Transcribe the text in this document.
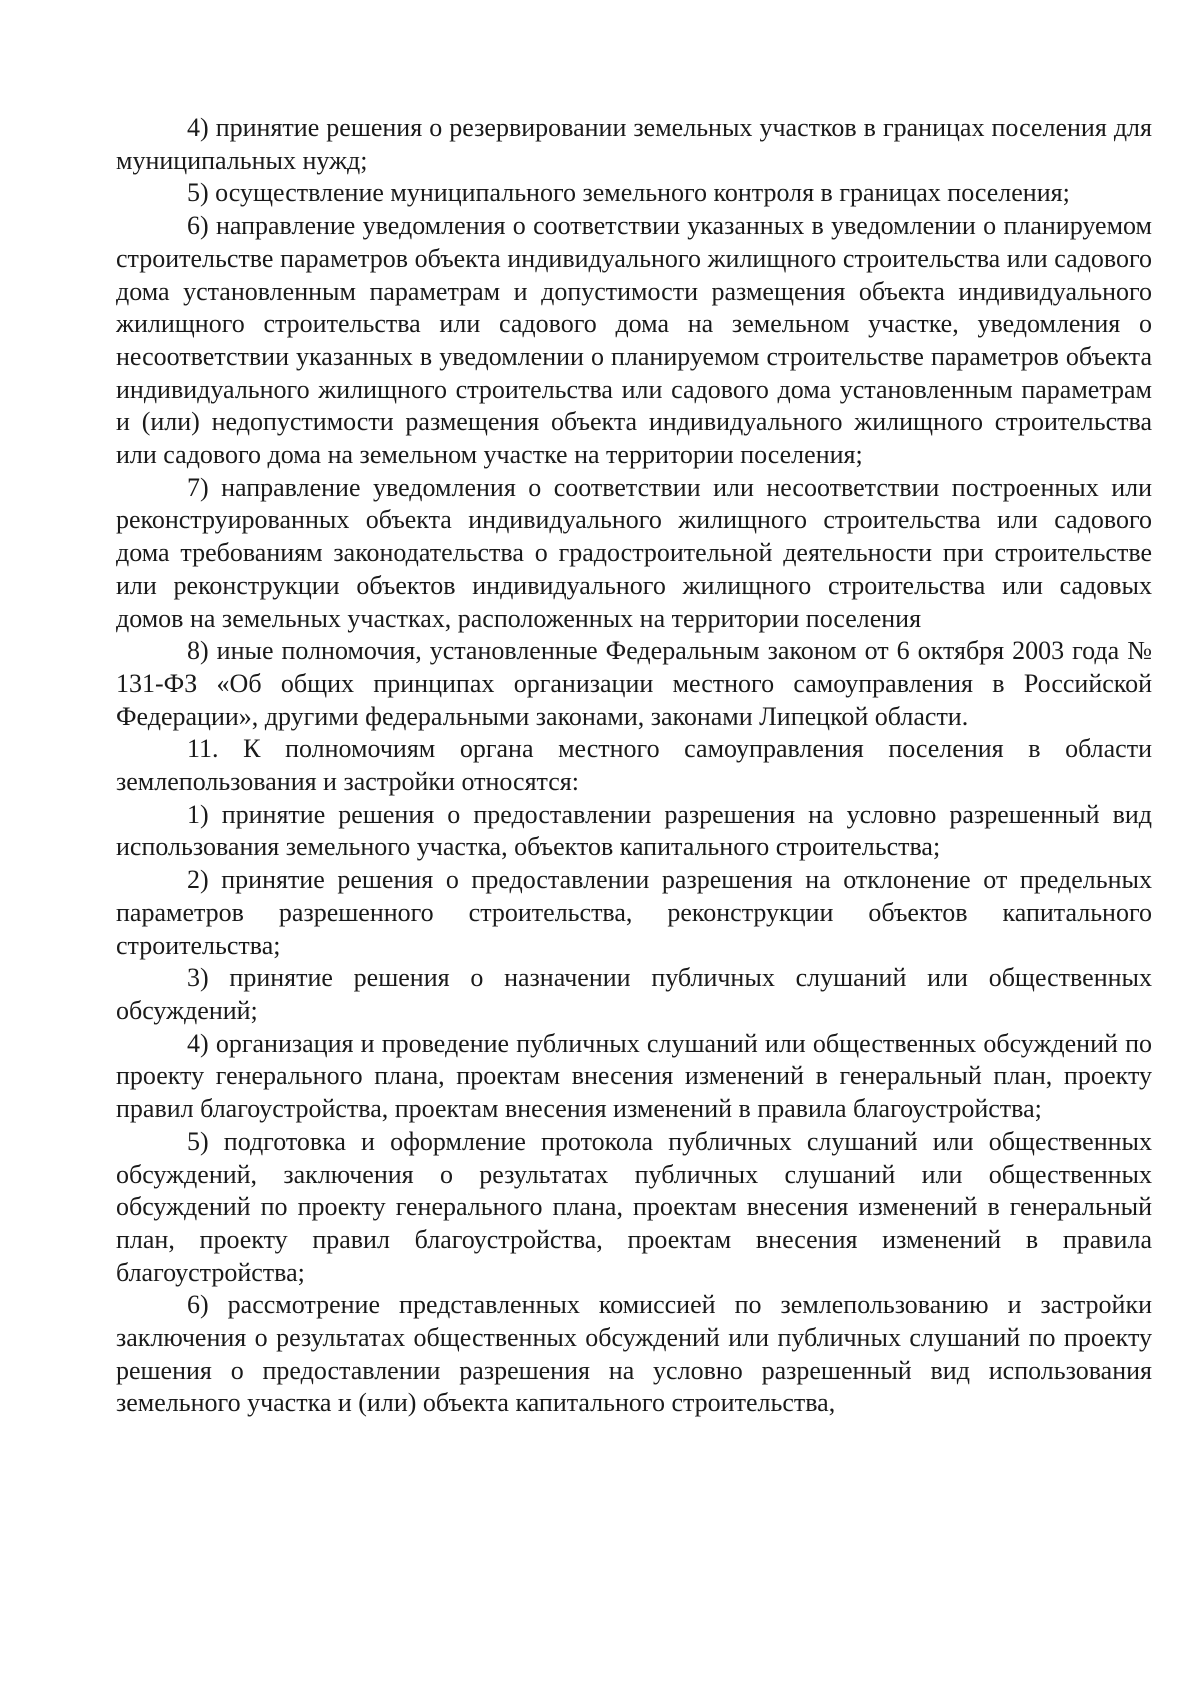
4) принятие решения о резервировании земельных участков в границах поселения для муниципальных нужд;

5) осуществление муниципального земельного контроля в границах поселения;

6) направление уведомления о соответствии указанных в уведомлении о планируемом строительстве параметров объекта индивидуального жилищного строительства или садового дома установленным параметрам и допустимости размещения объекта индивидуального жилищного строительства или садового дома на земельном участке, уведомления о несоответствии указанных в уведомлении о планируемом строительстве параметров объекта индивидуального жилищного строительства или садового дома установленным параметрам и (или) недопустимости размещения объекта индивидуального жилищного строительства или садового дома на земельном участке на территории поселения;

7) направление уведомления о соответствии или несоответствии построенных или реконструированных объекта индивидуального жилищного строительства или садового дома требованиям законодательства о градостроительной деятельности при строительстве или реконструкции объектов индивидуального жилищного строительства или садовых домов на земельных участках, расположенных на территории поселения

8) иные полномочия, установленные Федеральным законом от 6 октября 2003 года № 131-ФЗ «Об общих принципах организации местного самоуправления в Российской Федерации», другими федеральными законами, законами Липецкой области.

11. К полномочиям органа местного самоуправления поселения в области землепользования и застройки относятся:

1) принятие решения о предоставлении разрешения на условно разрешенный вид использования земельного участка, объектов капитального строительства;

2) принятие решения о предоставлении разрешения на отклонение от предельных параметров разрешенного строительства, реконструкции объектов капитального строительства;

3) принятие решения о назначении публичных слушаний или общественных обсуждений;

4) организация и проведение публичных слушаний или общественных обсуждений по проекту генерального плана, проектам внесения изменений в генеральный план, проекту правил благоустройства, проектам внесения изменений в правила благоустройства;

5) подготовка и оформление протокола публичных слушаний или общественных обсуждений, заключения о результатах публичных слушаний или общественных обсуждений по проекту генерального плана, проектам внесения изменений в генеральный план, проекту правил благоустройства, проектам внесения изменений в правила благоустройства;

6) рассмотрение представленных комиссией по землепользованию и застройки заключения о результатах общественных обсуждений или публичных слушаний по проекту решения о предоставлении разрешения на условно разрешенный вид использования земельного участка и (или) объекта капитального строительства,
